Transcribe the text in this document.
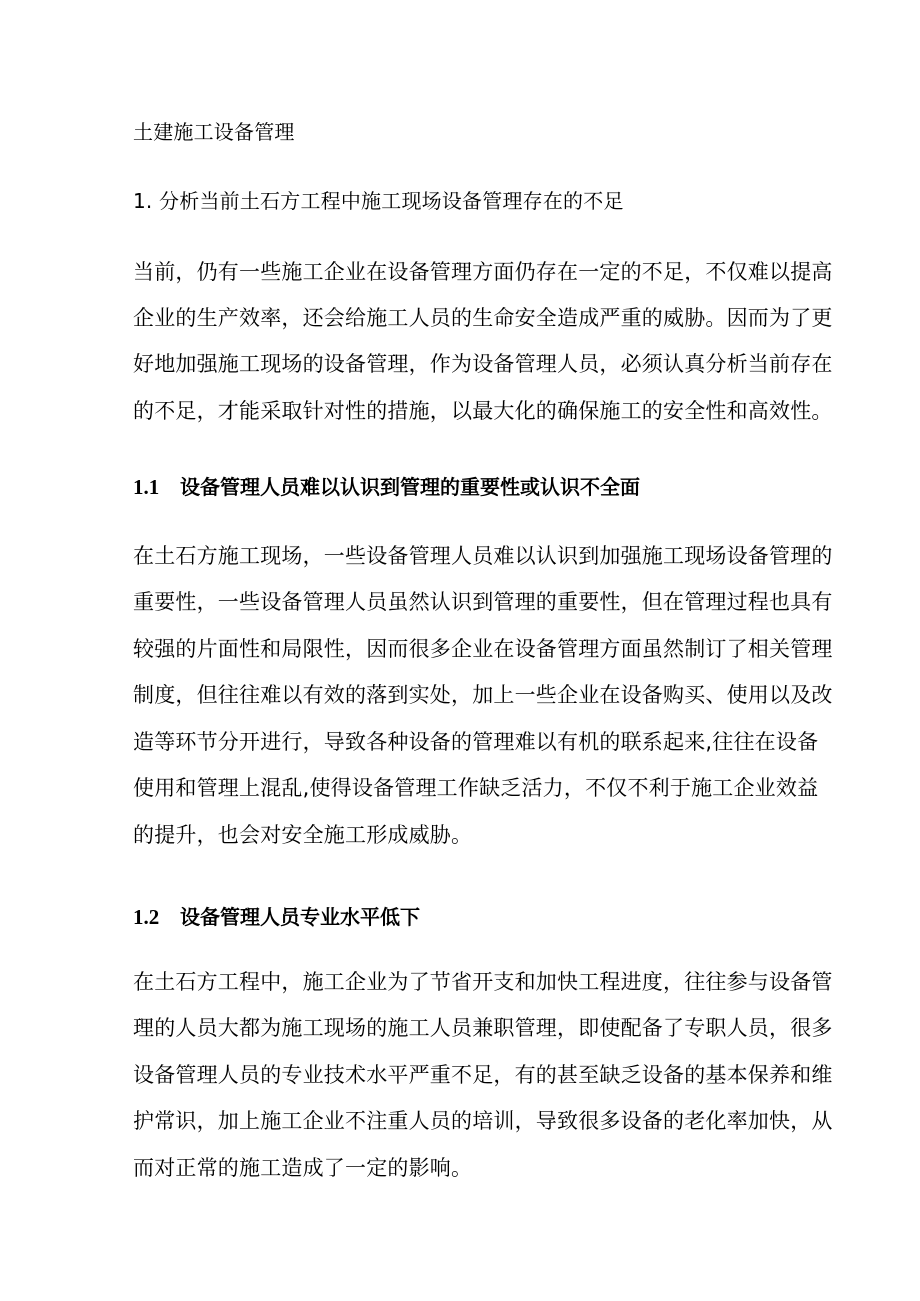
土建施工设备管理
1. 分析当前土石方工程中施工现场设备管理存在的不足
当前，仍有一些施工企业在设备管理方面仍存在一定的不足，不仅难以提高
企业的生产效率，还会给施工人员的生命安全造成严重的威胁。因而为了更
好地加强施工现场的设备管理，作为设备管理人员，必须认真分析当前存在
的不足，才能采取针对性的措施，以最大化的确保施工的安全性和高效性。
1.1 设备管理人员难以认识到管理的重要性或认识不全面
在土石方施工现场，一些设备管理人员难以认识到加强施工现场设备管理的
重要性，一些设备管理人员虽然认识到管理的重要性，但在管理过程也具有
较强的片面性和局限性，因而很多企业在设备管理方面虽然制订了相关管理
制度，但往往难以有效的落到实处，加上一些企业在设备购买、使用以及改
造等环节分开进行，导致各种设备的管理难以有机的联系起来,往往在设备
使用和管理上混乱,使得设备管理工作缺乏活力，不仅不利于施工企业效益
的提升，也会对安全施工形成威胁。
1.2 设备管理人员专业水平低下
在土石方工程中，施工企业为了节省开支和加快工程进度，往往参与设备管
理的人员大都为施工现场的施工人员兼职管理，即使配备了专职人员，很多
设备管理人员的专业技术水平严重不足，有的甚至缺乏设备的基本保养和维
护常识，加上施工企业不注重人员的培训，导致很多设备的老化率加快，从
而对正常的施工造成了一定的影响。
